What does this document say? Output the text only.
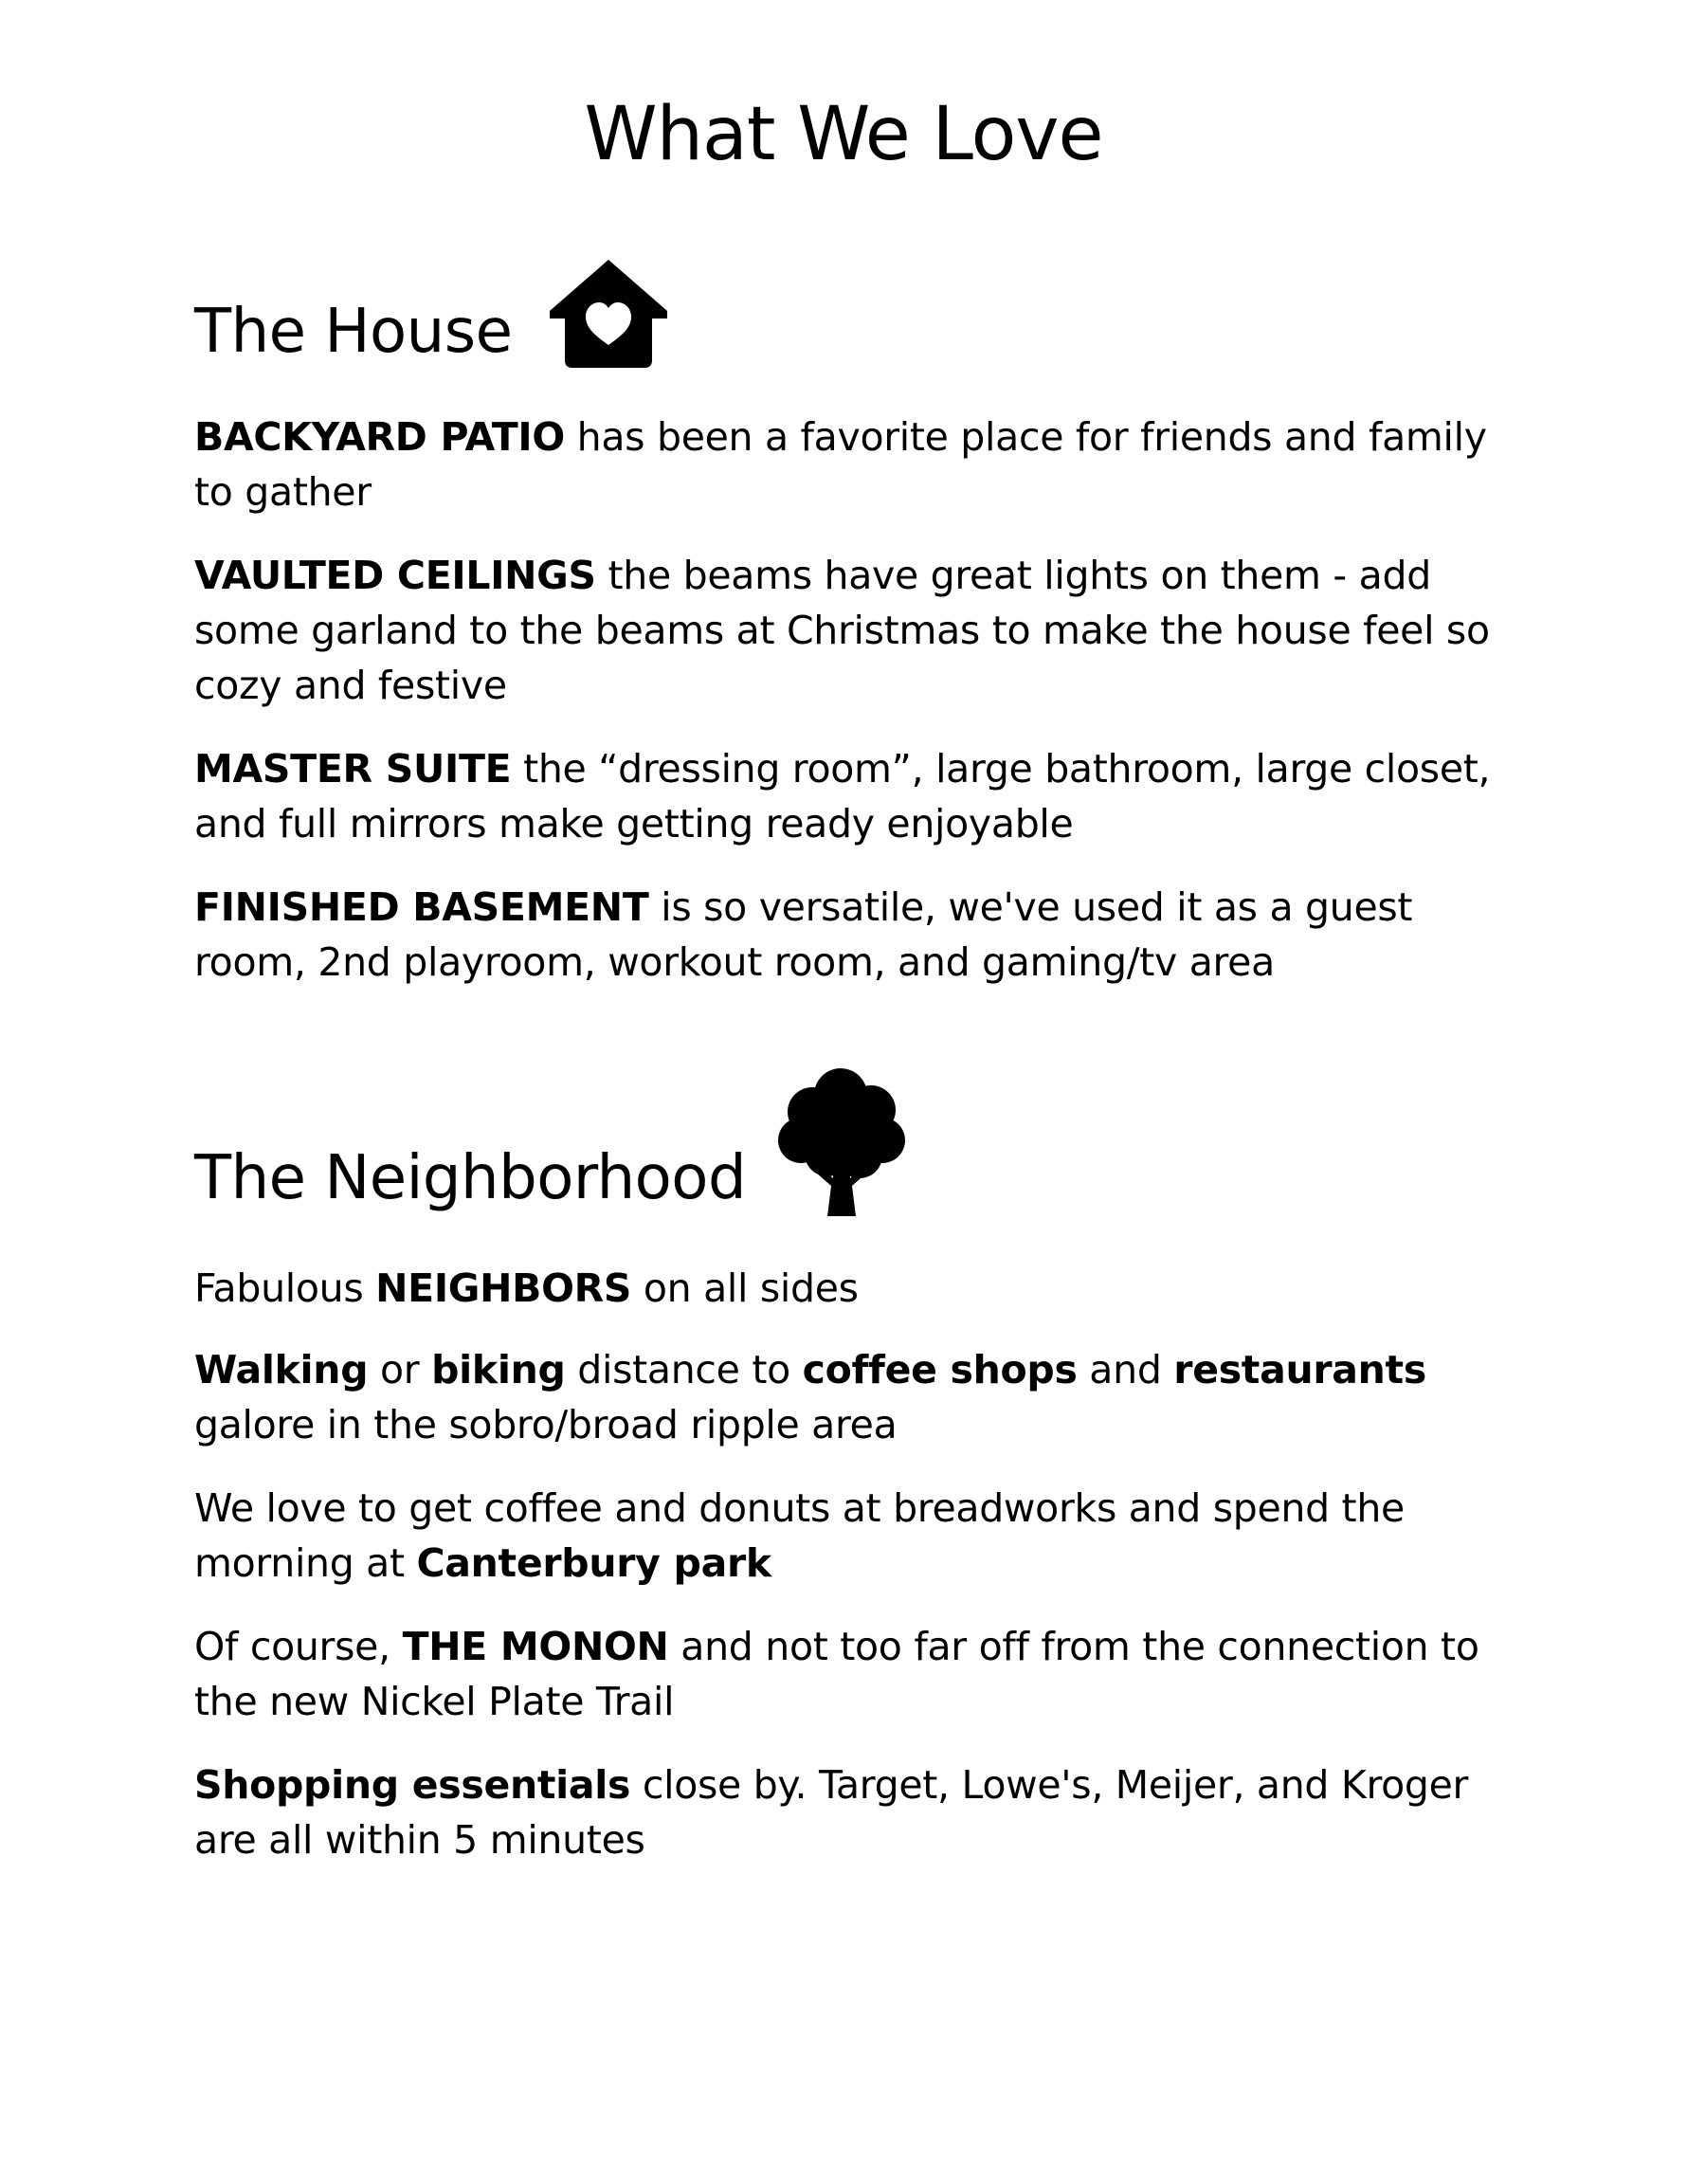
What We Love
The House

BACKYARD PATIO has been a favorite place for friends and family to gather

VAULTED CEILINGS the beams have great lights on them - add some garland to the beams at Christmas to make the house feel so cozy and festive

MASTER SUITE the “dressing room”, large bathroom, large closet, and full mirrors make getting ready enjoyable

FINISHED BASEMENT is so versatile, we've used it as a guest room, 2nd playroom, workout room, and gaming/tv area

The Neighborhood

Fabulous NEIGHBORS on all sides

Walking or biking distance to coffee shops and restaurants galore in the sobro/broad ripple area

We love to get coffee and donuts at breadworks and spend the morning at Canterbury park

Of course, THE MONON and not too far off from the connection to the new Nickel Plate Trail

Shopping essentials close by. Target, Lowe's, Meijer, and Kroger are all within 5 minutes
